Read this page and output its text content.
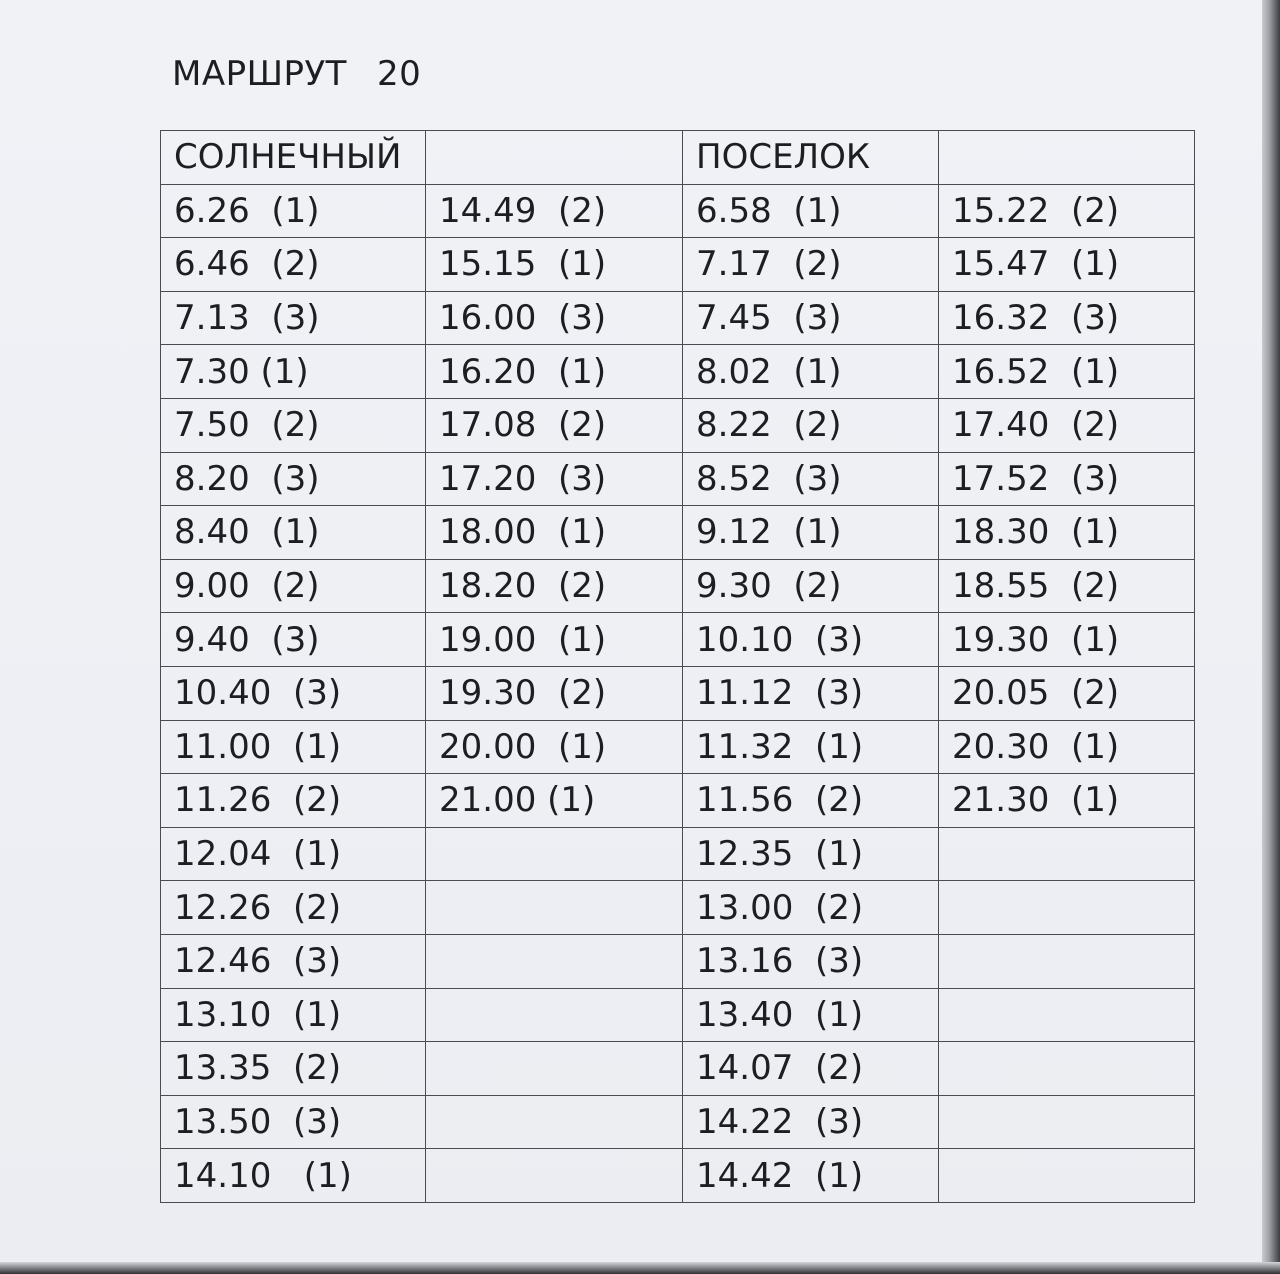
МАРШРУТ 20
СОЛНЕЧНЫЙ		ПОСЕЛОК	
6.26  (1)	14.49  (2)	6.58  (1)	15.22  (2)
6.46  (2)	15.15  (1)	7.17  (2)	15.47  (1)
7.13  (3)	16.00  (3)	7.45  (3)	16.32  (3)
7.30 (1)	16.20  (1)	8.02  (1)	16.52  (1)
7.50  (2)	17.08  (2)	8.22  (2)	17.40  (2)
8.20  (3)	17.20  (3)	8.52  (3)	17.52  (3)
8.40  (1)	18.00  (1)	9.12  (1)	18.30  (1)
9.00  (2)	18.20  (2)	9.30  (2)	18.55  (2)
9.40  (3)	19.00  (1)	10.10  (3)	19.30  (1)
10.40  (3)	19.30  (2)	11.12  (3)	20.05  (2)
11.00  (1)	20.00  (1)	11.32  (1)	20.30  (1)
11.26  (2)	21.00 (1)	11.56  (2)	21.30  (1)
12.04  (1)		12.35  (1)	
12.26  (2)		13.00  (2)	
12.46  (3)		13.16  (3)	
13.10  (1)		13.40  (1)	
13.35  (2)		14.07  (2)	
13.50  (3)		14.22  (3)	
14.10   (1)		14.42  (1)	
